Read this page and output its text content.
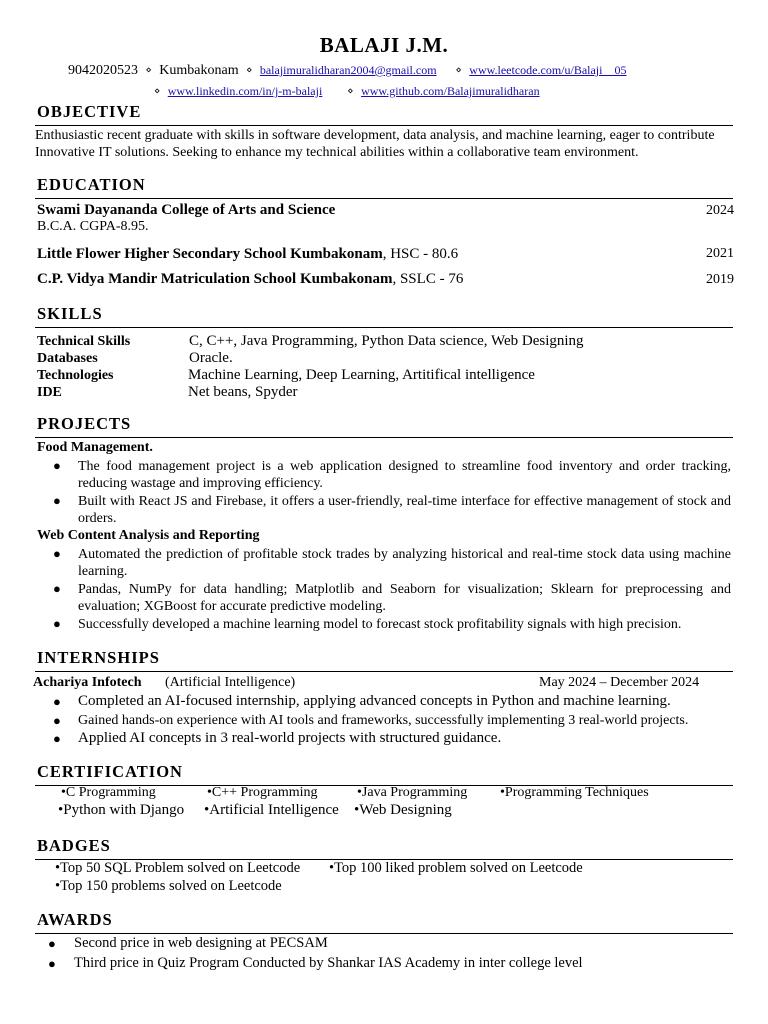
BALAJI J.M.
9042020523 ⋄ Kumbakonam ⋄ balajimuralidharan2004@gmail.com ⋄ www.leetcode.com/u/Balaji__05
⋄ www.linkedin.com/in/j-m-balaji	⋄ www.github.com/Balajimuralidharan
OBJECTIVE
Enthusiastic recent graduate with skills in software development, data analysis, and machine learning, eager to contribute Innovative IT solutions. Seeking to enhance my technical abilities within a collaborative team environment.
EDUCATION
Swami Dayananda College of Arts and Science	2024
B.C.A. CGPA-8.95.
Little Flower Higher Secondary School Kumbakonam, HSC - 80.6	2021
C.P. Vidya Mandir Matriculation School Kumbakonam, SSLC - 76	2019
SKILLS
Technical Skills	C, C++, Java Programming, Python Data science, Web Designing
Databases	Oracle.
Technologies	Machine Learning, Deep Learning, Artitifical intelligence
IDE	Net beans, Spyder
PROJECTS
Food Management.
● The food management project is a web application designed to streamline food inventory and order tracking, reducing wastage and improving efficiency.
● Built with React JS and Firebase, it offers a user-friendly, real-time interface for effective management of stock and orders.
Web Content Analysis and Reporting
● Automated the prediction of profitable stock trades by analyzing historical and real-time stock data using machine learning.
● Pandas, NumPy for data handling; Matplotlib and Seaborn for visualization; Sklearn for preprocessing and evaluation; XGBoost for accurate predictive modeling.
● Successfully developed a machine learning model to forecast stock profitability signals with high precision.
INTERNSHIPS
Achariya Infotech (Artificial Intelligence)	May 2024 – December 2024
● Completed an AI-focused internship, applying advanced concepts in Python and machine learning.
● Gained hands-on experience with AI tools and frameworks, successfully implementing 3 real-world projects.
● Applied AI concepts in 3 real-world projects with structured guidance.
CERTIFICATION
•C Programming	•C++ Programming	•Java Programming •Programming Techniques
•Python with Django •Artificial Intelligence •Web Designing
BADGES
•Top 50 SQL Problem solved on Leetcode •Top 100 liked problem solved on Leetcode
•Top 150 problems solved on Leetcode
AWARDS
● Second price in web designing at PECSAM
● Third price in Quiz Program Conducted by Shankar IAS Academy in inter college level
